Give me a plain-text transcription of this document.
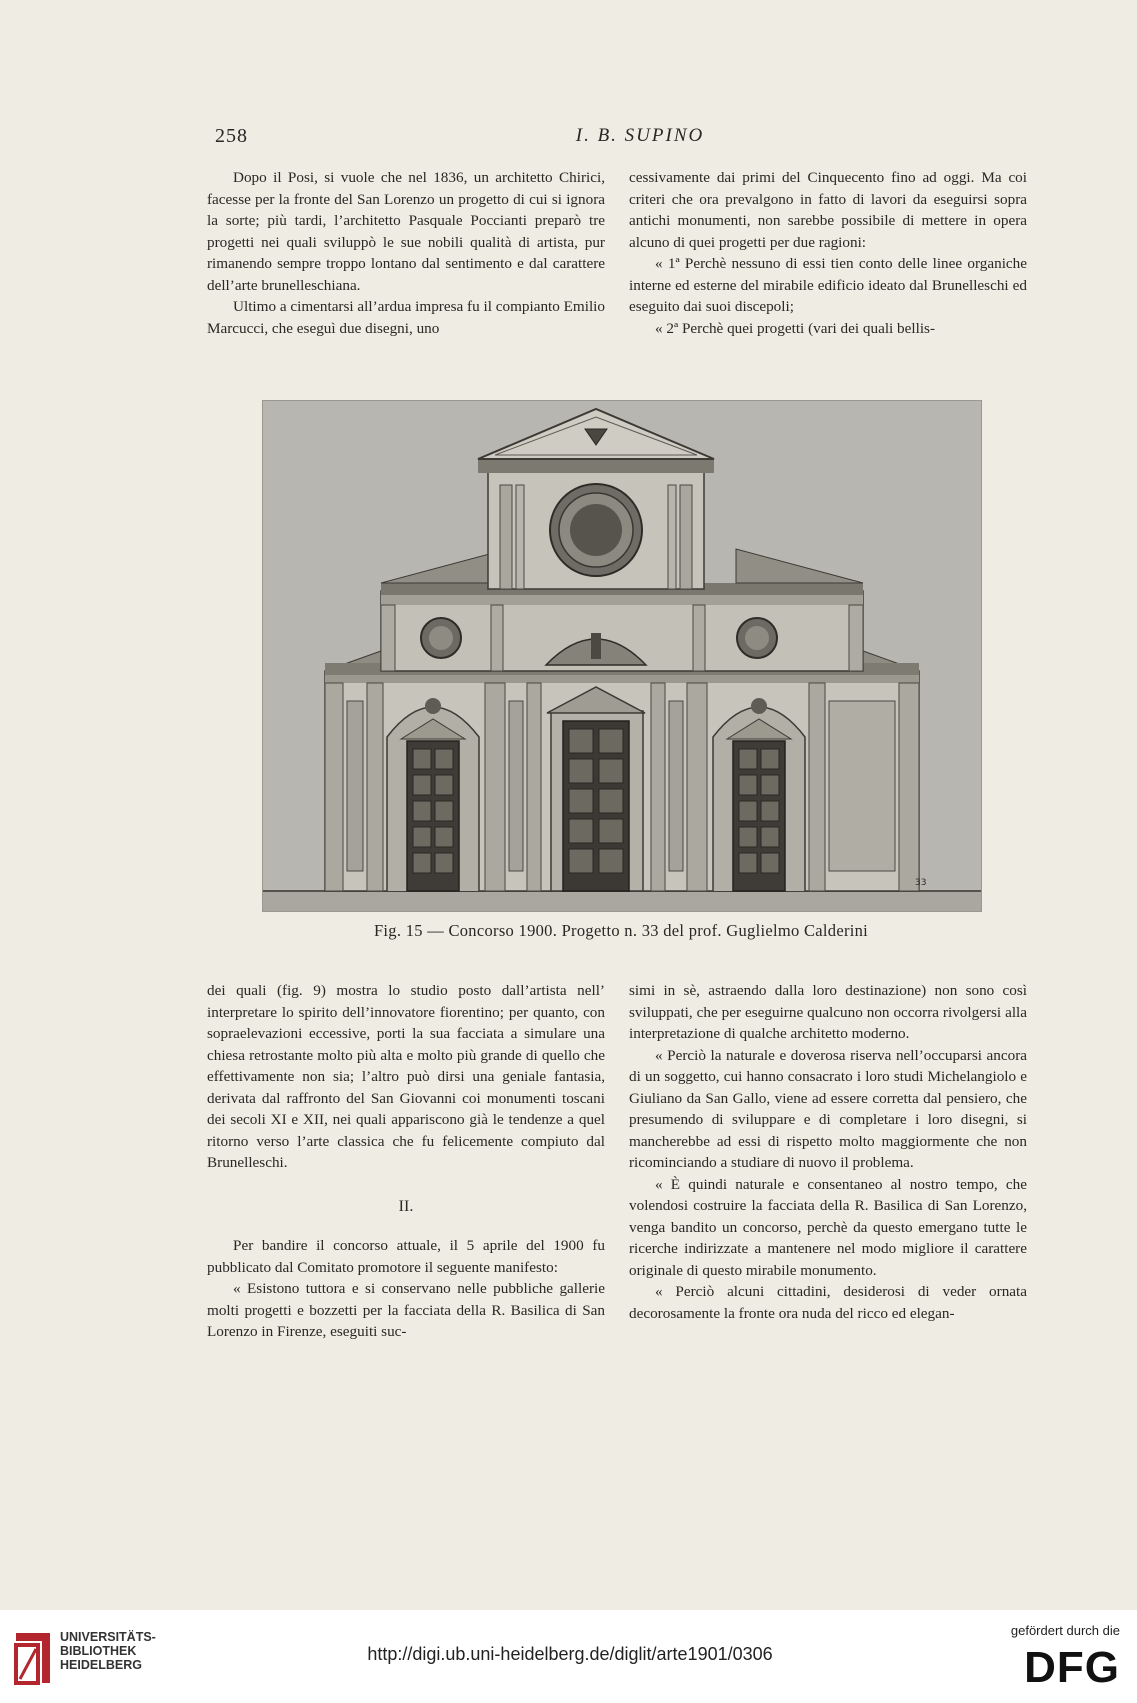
258	I. B. SUPINO

Dopo il Posi, si vuole che nel 1836, un architetto Chirici, facesse per la fronte del San Lorenzo un progetto di cui si ignora la sorte; più tardi, l’architetto Pasquale Poccianti preparò tre progetti nei quali sviluppò le sue nobili qualità di artista, pur rimanendo sempre troppo lontano dal sentimento e dal carattere dell’arte brunelleschiana.

Ultimo a cimentarsi all’ardua impresa fu il compianto Emilio Marcucci, che eseguì due disegni, uno

cessivamente dai primi del Cinquecento fino ad oggi. Ma coi criteri che ora prevalgono in fatto di lavori da eseguirsi sopra antichi monumenti, non sarebbe possibile di mettere in opera alcuno di quei progetti per due ragioni:

« 1ª Perchè nessuno di essi tien conto delle linee organiche interne ed esterne del mirabile edificio ideato dal Brunelleschi ed eseguito dai suoi discepoli;

« 2ª Perchè quei progetti (vari dei quali bellis-

33
Fig. 15 — Concorso 1900. Progetto n. 33 del prof. Guglielmo Calderini

dei quali (fig. 9) mostra lo studio posto dall’artista nell’ interpretare lo spirito dell’innovatore fiorentino; per quanto, con sopraelevazioni eccessive, porti la sua facciata a simulare una chiesa retrostante molto più alta e molto più grande di quello che effettivamente non sia; l’altro può dirsi una geniale fantasia, derivata dal raffronto del San Giovanni coi monumenti toscani dei secoli XI e XII, nei quali appariscono già le tendenze a quel ritorno verso l’arte classica che fu felicemente compiuto dal Brunelleschi.

II.

Per bandire il concorso attuale, il 5 aprile del 1900 fu pubblicato dal Comitato promotore il seguente manifesto:

« Esistono tuttora e si conservano nelle pubbliche gallerie molti progetti e bozzetti per la facciata della R. Basilica di San Lorenzo in Firenze, eseguiti suc-

simi in sè, astraendo dalla loro destinazione) non sono così sviluppati, che per eseguirne qualcuno non occorra rivolgersi alla interpretazione di qualche architetto moderno.

« Perciò la naturale e doverosa riserva nell’occuparsi ancora di un soggetto, cui hanno consacrato i loro studi Michelangiolo e Giuliano da San Gallo, viene ad essere corretta dal pensiero, che presumendo di sviluppare e di completare i loro disegni, si mancherebbe ad essi di rispetto molto maggiormente che non ricominciando a studiare di nuovo il problema.

« È quindi naturale e consentaneo al nostro tempo, che volendosi costruire la facciata della R. Basilica di San Lorenzo, venga bandito un concorso, perchè da questo emergano tutte le ricerche indirizzate a mantenere nel modo migliore il carattere originale di questo mirabile monumento.

« Perciò alcuni cittadini, desiderosi di veder ornata decorosamente la fronte ora nuda del ricco ed elegan-

UNIVERSITÄTS-
BIBLIOTHEK
HEIDELBERG
http://digi.ub.uni-heidelberg.de/diglit/arte1901/0306
gefördert durch die
DFG
